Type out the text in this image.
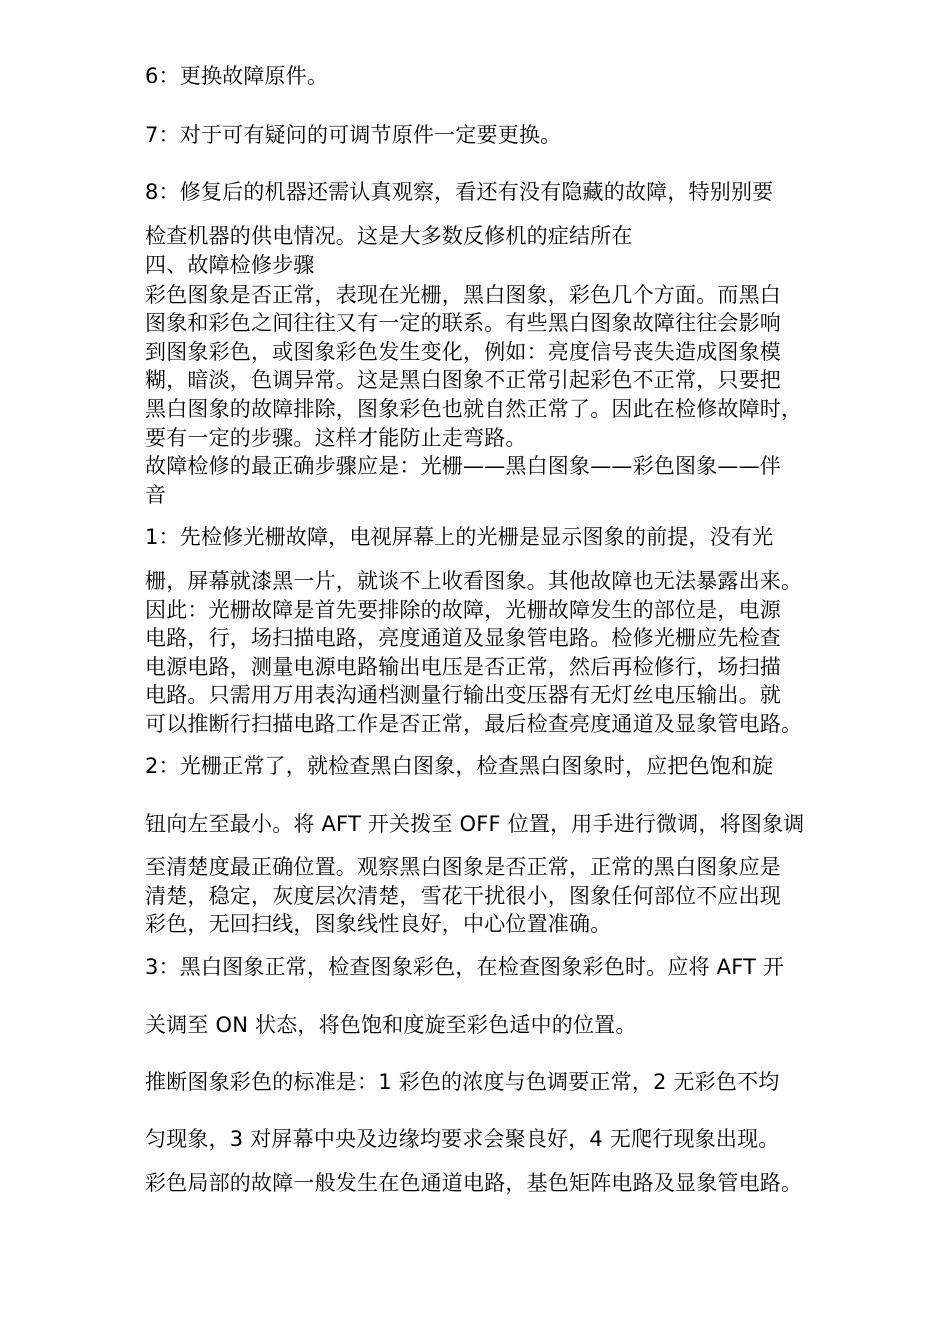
6：更换故障原件。
7：对于可有疑问的可调节原件一定要更换。
8：修复后的机器还需认真观察，看还有没有隐藏的故障，特别别要
检查机器的供电情况。这是大多数反修机的症结所在
四、故障检修步骤
彩色图象是否正常，表现在光栅，黑白图象，彩色几个方面。而黑白
图象和彩色之间往往又有一定的联系。有些黑白图象故障往往会影响
到图象彩色，或图象彩色发生变化，例如：亮度信号丧失造成图象模
糊，暗淡，色调异常。这是黑白图象不正常引起彩色不正常，只要把
黑白图象的故障排除，图象彩色也就自然正常了。因此在检修故障时，
要有一定的步骤。这样才能防止走弯路。
故障检修的最正确步骤应是：光栅——黑白图象——彩色图象——伴
音
1：先检修光栅故障，电视屏幕上的光栅是显示图象的前提，没有光
栅，屏幕就漆黑一片，就谈不上收看图象。其他故障也无法暴露出来。
因此：光栅故障是首先要排除的故障，光栅故障发生的部位是，电源
电路，行，场扫描电路，亮度通道及显象管电路。检修光栅应先检查
电源电路，测量电源电路输出电压是否正常，然后再检修行，场扫描
电路。只需用万用表沟通档测量行输出变压器有无灯丝电压输出。就
可以推断行扫描电路工作是否正常，最后检查亮度通道及显象管电路。
2：光栅正常了，就检查黑白图象，检查黑白图象时，应把色饱和旋
钮向左至最小。将 AFT 开关拨至 OFF 位置，用手进行微调，将图象调
至清楚度最正确位置。观察黑白图象是否正常，正常的黑白图象应是
清楚，稳定，灰度层次清楚，雪花干扰很小，图象任何部位不应出现
彩色，无回扫线，图象线性良好，中心位置准确。
3：黑白图象正常，检查图象彩色，在检查图象彩色时。应将 AFT 开
关调至 ON 状态，将色饱和度旋至彩色适中的位置。
推断图象彩色的标准是：1 彩色的浓度与色调要正常，2 无彩色不均
匀现象，3 对屏幕中央及边缘均要求会聚良好，4 无爬行现象出现。
彩色局部的故障一般发生在色通道电路，基色矩阵电路及显象管电路。
